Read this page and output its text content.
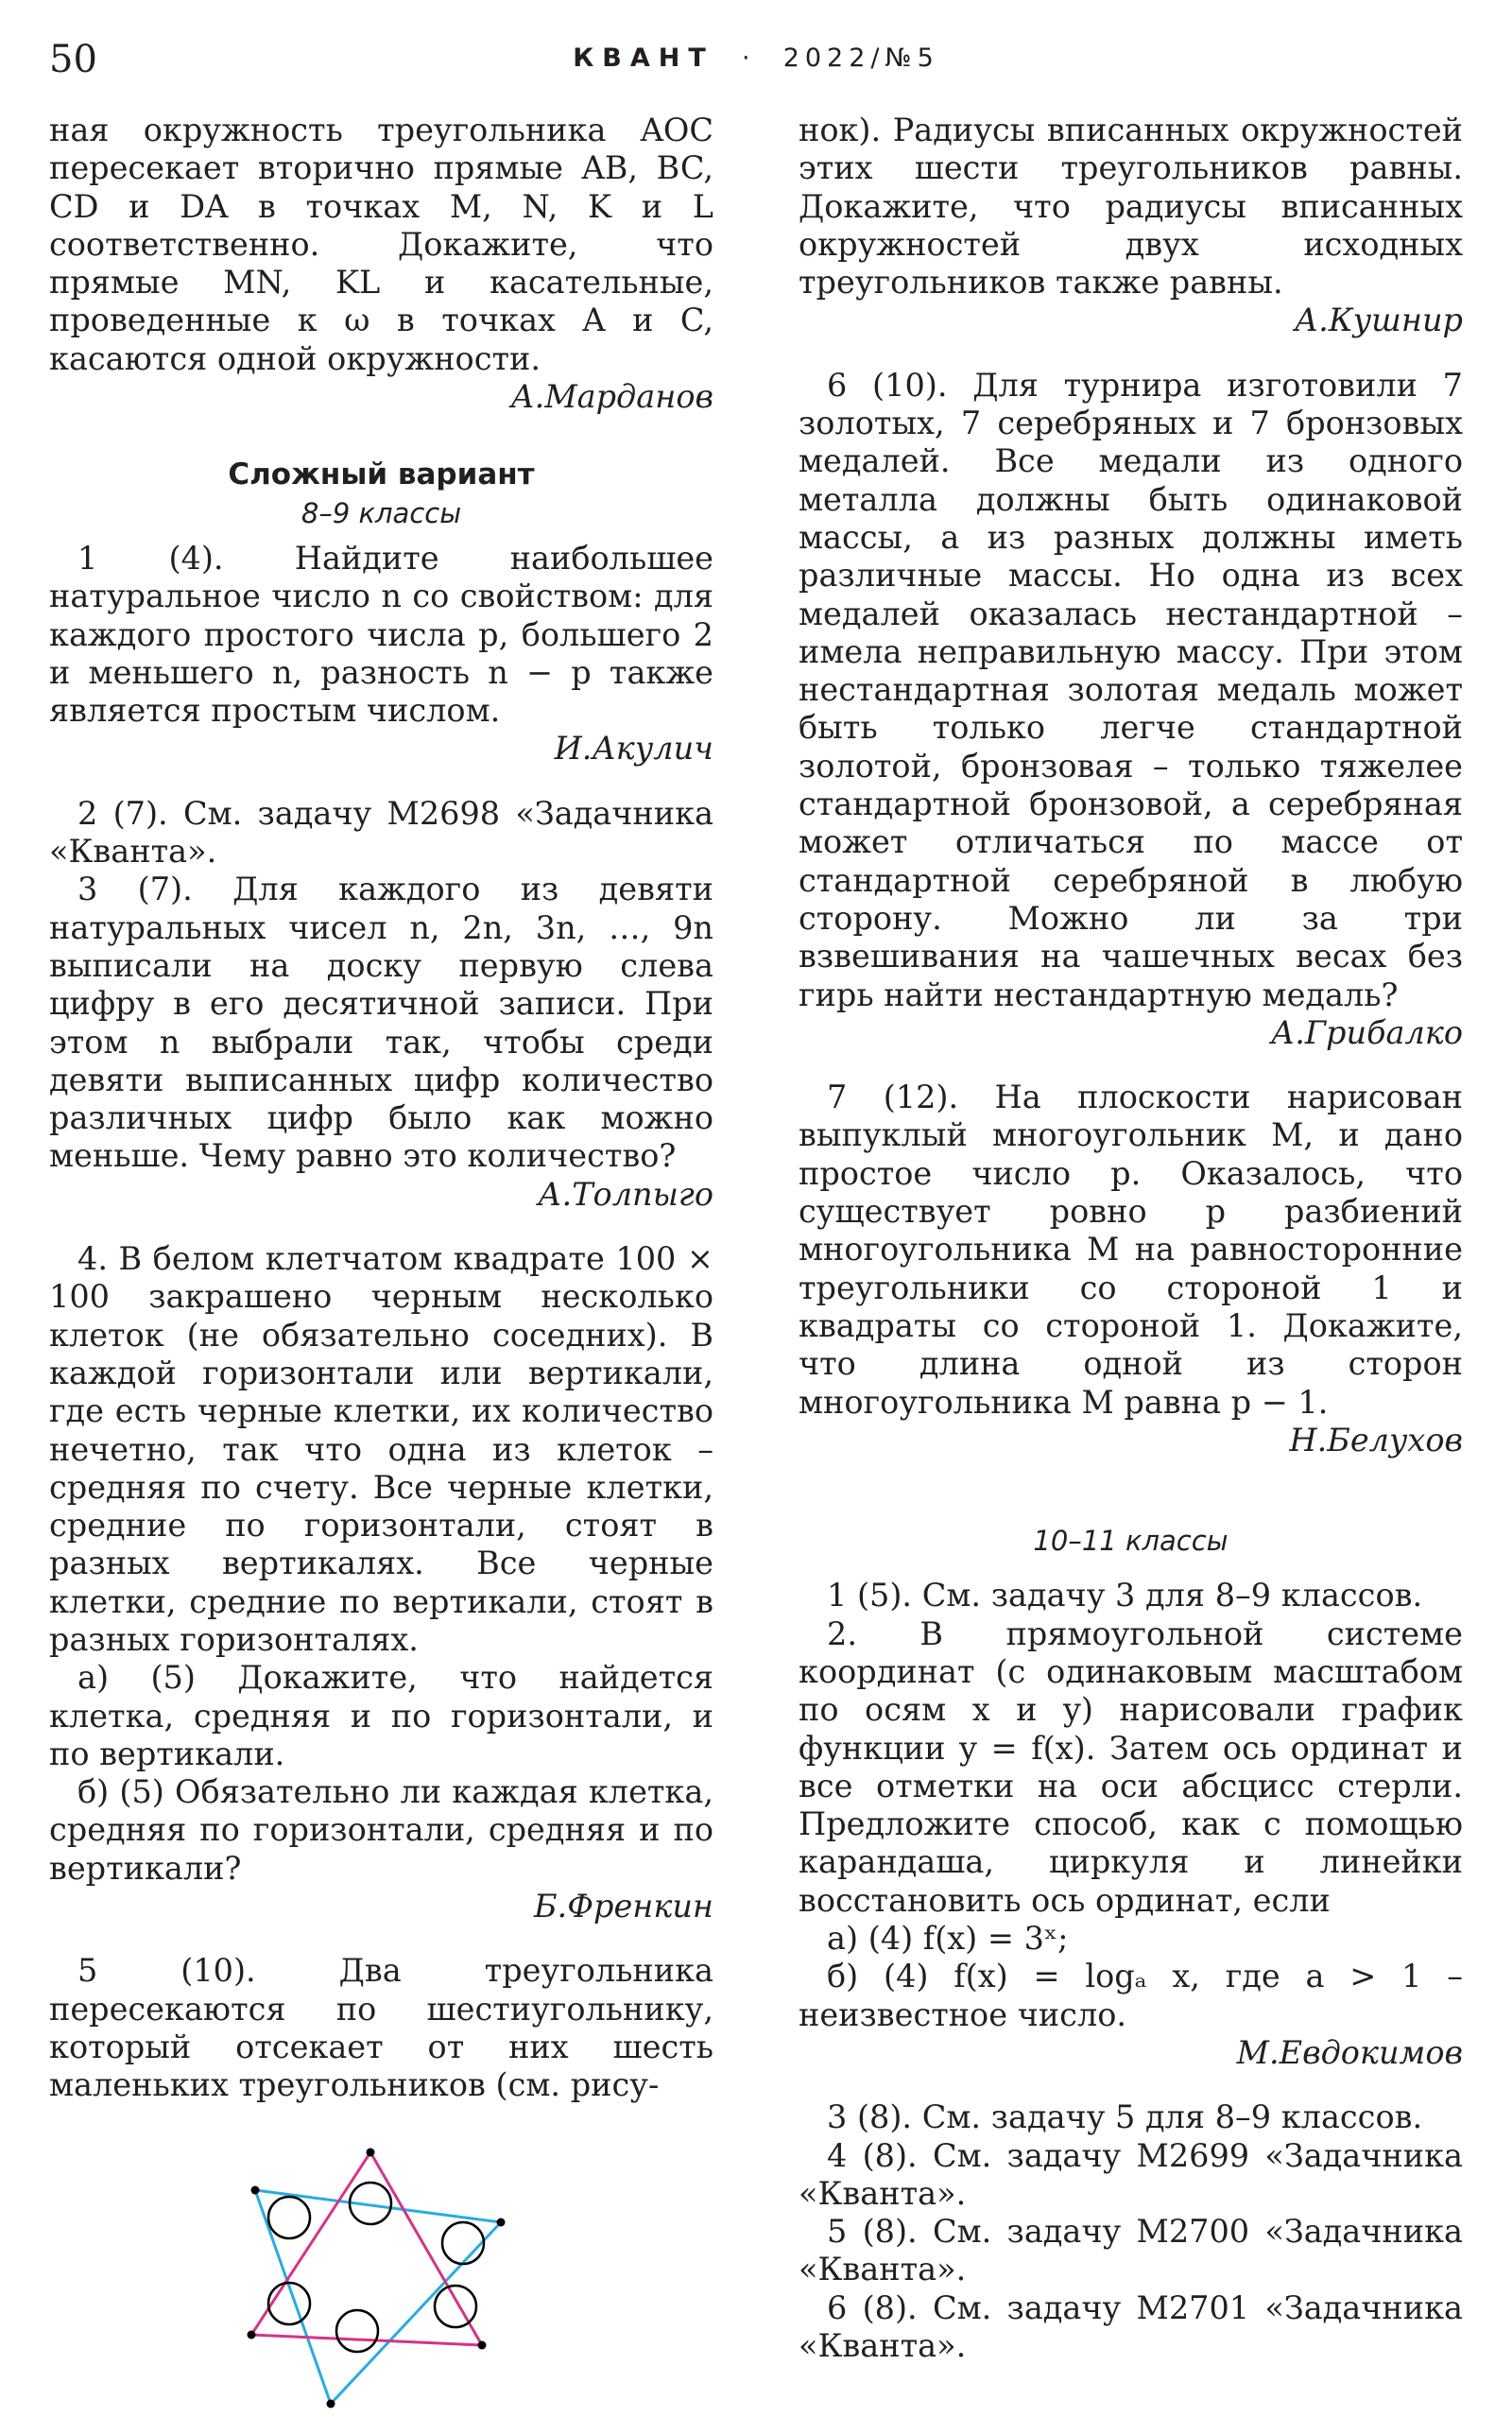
50	КВАНТ · 2022/№5

ная окружность треугольника AOC пересекает вторично прямые AB, BC, CD и DA в точках M, N, K и L соответственно. Докажите, что прямые MN, KL и касательные, проведенные к ω в точках A и C, касаются одной окружности.

А.Марданов

Сложный вариант
8–9 классы

1 (4). Найдите наибольшее натуральное число n со свойством: для каждого простого числа p, большего 2 и меньшего n, разность n − p также является простым числом.

И.Акулич

2 (7). См. задачу М2698 «Задачника «Кванта».

3 (7). Для каждого из девяти натуральных чисел n, 2n, 3n, …, 9n выписали на доску первую слева цифру в его десятичной записи. При этом n выбрали так, чтобы среди девяти выписанных цифр количество различных цифр было как можно меньше. Чему равно это количество?

А.Толпыго

4. В белом клетчатом квадрате 100 × 100 закрашено черным несколько клеток (не обязательно соседних). В каждой горизонтали или вертикали, где есть черные клетки, их количество нечетно, так что одна из клеток – средняя по счету. Все черные клетки, средние по горизонтали, стоят в разных вертикалях. Все черные клетки, средние по вертикали, стоят в разных горизонталях.

а) (5) Докажите, что найдется клетка, средняя и по горизонтали, и по вертикали.

б) (5) Обязательно ли каждая клетка, средняя по горизонтали, средняя и по вертикали?

Б.Френкин

5 (10). Два треугольника пересекаются по шестиугольнику, который отсекает от них шесть маленьких треугольников (см. рису-

нок). Радиусы вписанных окружностей этих шести треугольников равны. Докажите, что радиусы вписанных окружностей двух исходных треугольников также равны.

А.Кушнир

6 (10). Для турнира изготовили 7 золотых, 7 серебряных и 7 бронзовых медалей. Все медали из одного металла должны быть одинаковой массы, а из разных должны иметь различные массы. Но одна из всех медалей оказалась нестандартной – имела неправильную массу. При этом нестандартная золотая медаль может быть только легче стандартной золотой, бронзовая – только тяжелее стандартной бронзовой, а серебряная может отличаться по массе от стандартной серебряной в любую сторону. Можно ли за три взвешивания на чашечных весах без гирь найти нестандартную медаль?

А.Грибалко

7 (12). На плоскости нарисован выпуклый многоугольник M, и дано простое число p. Оказалось, что существует ровно p разбиений многоугольника M на равносторонние треугольники со стороной 1 и квадраты со стороной 1. Докажите, что длина одной из сторон многоугольника M равна p − 1.

Н.Белухов

10–11 классы

1 (5). См. задачу 3 для 8–9 классов.

2. В прямоугольной системе координат (с одинаковым масштабом по осям x и y) нарисовали график функции y = f(x). Затем ось ординат и все отметки на оси абсцисс стерли. Предложите способ, как с помощью карандаша, циркуля и линейки восстановить ось ординат, если

а) (4) f(x) = 3ˣ;

б) (4) f(x) = logₐ x, где a > 1 – неизвестное число.

М.Евдокимов

3 (8). См. задачу 5 для 8–9 классов.

4 (8). См. задачу М2699 «Задачника «Кванта».

5 (8). См. задачу М2700 «Задачника «Кванта».

6 (8). См. задачу М2701 «Задачника «Кванта».
